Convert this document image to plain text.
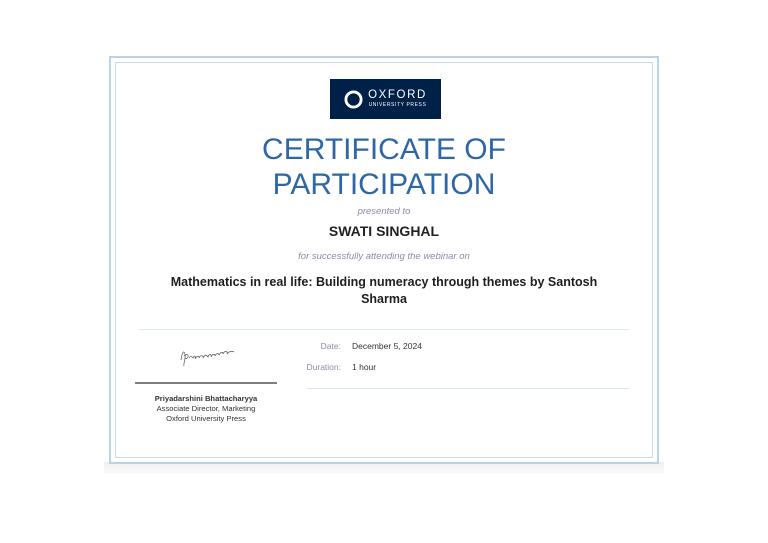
OXFORD
UNIVERSITY PRESS
CERTIFICATE OF
PARTICIPATION
presented to
SWATI SINGHAL
for successfully attending the webinar on
Mathematics in real life: Building numeracy through themes by Santosh Sharma
Priyadarshini Bhattacharyya
Associate Director, Marketing
Oxford University Press
Date: December 5, 2024
Duration: 1 hour
